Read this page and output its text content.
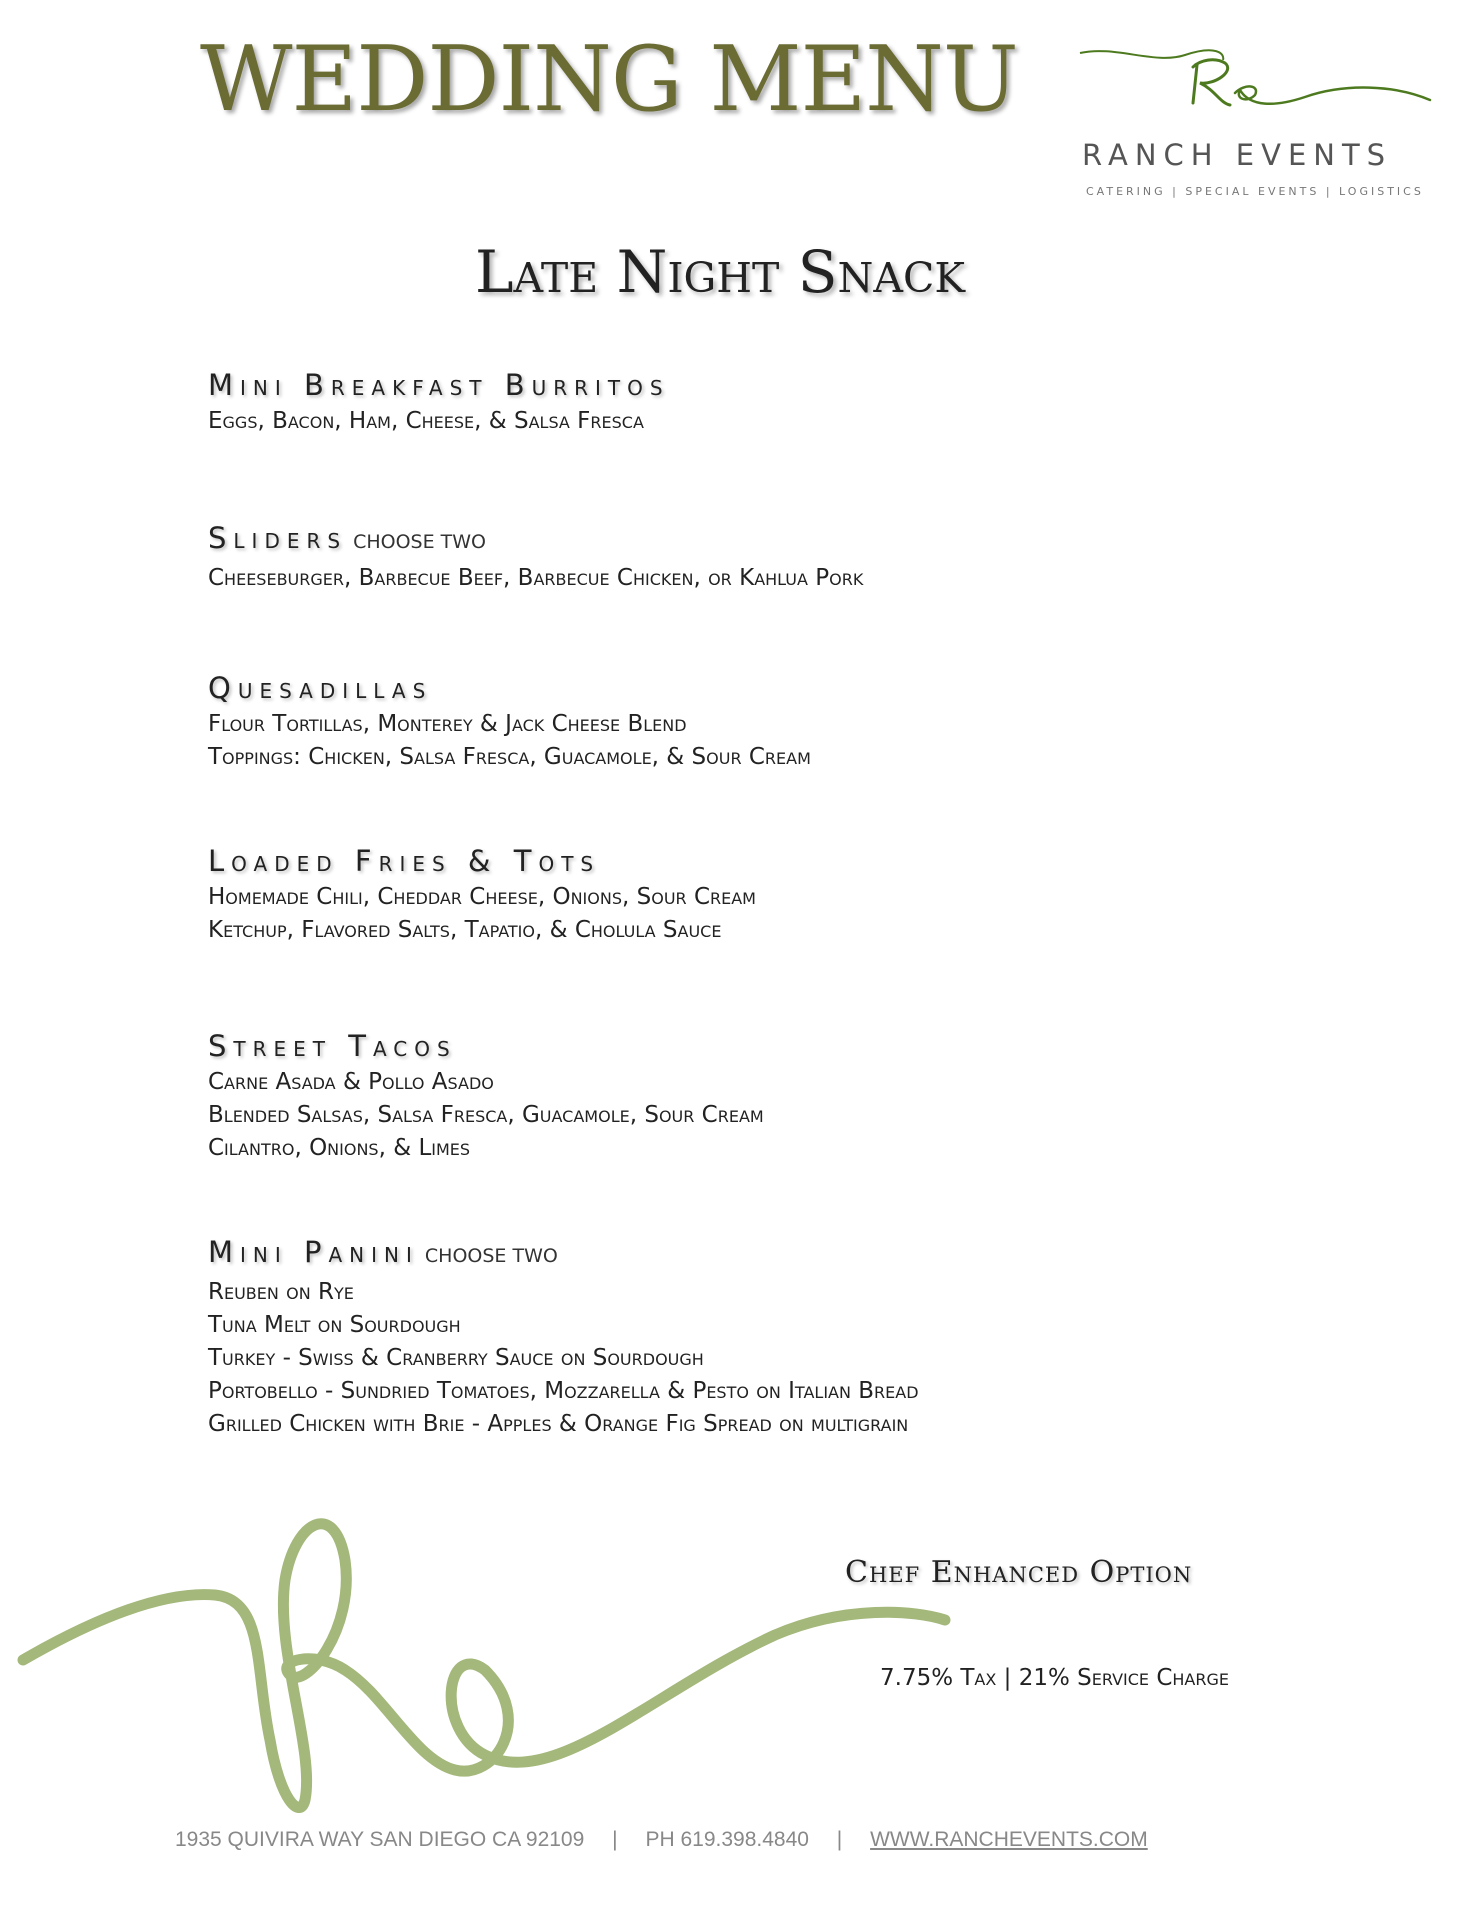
WEDDING MENU
RANCH EVENTS
CATERING | SPECIAL EVENTS | LOGISTICS
Late Night Snack
Mini Breakfast Burritos
Eggs, Bacon, Ham, Cheese, & Salsa Fresca
Sliders CHOOSE TWO
Cheeseburger, Barbecue Beef, Barbecue Chicken, or Kahlua Pork
Quesadillas
Flour Tortillas, Monterey & Jack Cheese Blend
Toppings: Chicken, Salsa Fresca, Guacamole, & Sour Cream
Loaded Fries & Tots
Homemade Chili, Cheddar Cheese, Onions, Sour Cream
Ketchup, Flavored Salts, Tapatio, & Cholula Sauce
Street Tacos
Carne Asada & Pollo Asado
Blended Salsas, Salsa Fresca, Guacamole, Sour Cream
Cilantro, Onions, & Limes
Mini Panini CHOOSE TWO
Reuben on Rye
Tuna Melt on Sourdough
Turkey - Swiss & Cranberry Sauce on Sourdough
Portobello - Sundried Tomatoes, Mozzarella & Pesto on Italian Bread
Grilled Chicken with Brie - Apples & Orange Fig Spread on multigrain
Chef Enhanced Option
7.75% Tax | 21% Service Charge
1935 QUIVIRA WAY SAN DIEGO CA 92109 | PH 619.398.4840 | WWW.RANCHEVENTS.COM
